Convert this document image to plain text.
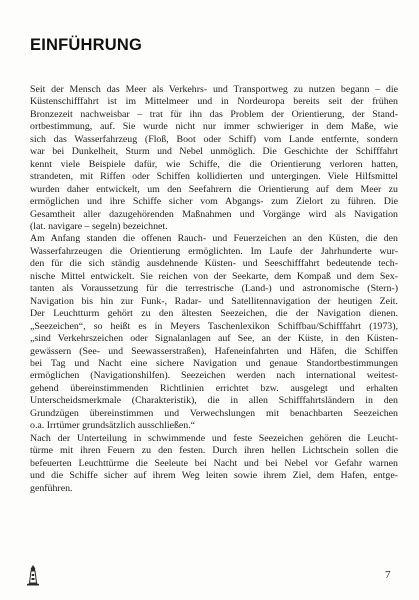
EINFÜHRUNG

Seit der Mensch das Meer als Verkehrs- und Transportweg zu nutzen begann – die
Küstenschifffahrt ist im Mittelmeer und in Nordeuropa bereits seit der frühen
Bronzezeit nachweisbar – trat für ihn das Problem der Orientierung, der Stand-
ortbestimmung, auf. Sie wurde nicht nur immer schwieriger in dem Maße, wie
sich das Wasserfahrzeug (Floß, Boot oder Schiff) vom Lande entfernte, sondern
war bei Dunkelheit, Sturm und Nebel unmöglich. Die Geschichte der Schifffahrt
kennt viele Beispiele dafür, wie Schiffe, die die Orientierung verloren hatten,
strandeten, mit Riffen oder Schiffen kollidierten und untergingen. Viele Hilfsmittel
wurden daher entwickelt, um den Seefahrern die Orientierung auf dem Meer zu
ermöglichen und ihre Schiffe sicher vom Abgangs- zum Zielort zu führen. Die
Gesamtheit aller dazugehörenden Maßnahmen und Vorgänge wird als Navigation
(lat. navigare – segeln) bezeichnet.

Am Anfang standen die offenen Rauch- und Feuerzeichen an den Küsten, die den
Wasserfahrzeugen die Orientierung ermöglichten. Im Laufe der Jahrhunderte wur-
den für die sich ständig ausdehnende Küsten- und Seeschifffahrt bedeutende tech-
nische Mittel entwickelt. Sie reichen von der Seekarte, dem Kompaß und dem Sex-
tanten als Voraussetzung für die terrestrische (Land-) und astronomische (Stern-)
Navigation bis hin zur Funk-, Radar- und Satellitennavigation der heutigen Zeit.
Der Leuchtturm gehört zu den ältesten Seezeichen, die der Navigation dienen.
„Seezeichen“, so heißt es in Meyers Taschenlexikon Schiffbau/Schifffahrt (1973),
„sind Verkehrszeichen oder Signalanlagen auf See, an der Küste, in den Küsten-
gewässern (See- und Seewasserstraßen), Hafeneinfahrten und Häfen, die Schiffen
bei Tag und Nacht eine sichere Navigation und genaue Standortbestimmungen
ermöglichen (Navigationshilfen). Seezeichen werden nach international weitest-
gehend übereinstimmenden Richtlinien errichtet bzw. ausgelegt und erhalten
Unterscheidsmerkmale (Charakteristik), die in allen Schifffahrtsländern in den
Grundzügen übereinstimmen und Verwechslungen mit benachbarten Seezeichen
o.a. Irrtümer grundsätzlich ausschließen.“

Nach der Unterteilung in schwimmende und feste Seezeichen gehören die Leucht-
türme mit ihren Feuern zu den festen. Durch ihren hellen Lichtschein sollen die
befeuerten Leuchttürme die Seeleute bei Nacht und bei Nebel vor Gefahr warnen
und die Schiffe sicher auf ihrem Weg leiten sowie ihrem Ziel, dem Hafen, entge-
genführen.

7
